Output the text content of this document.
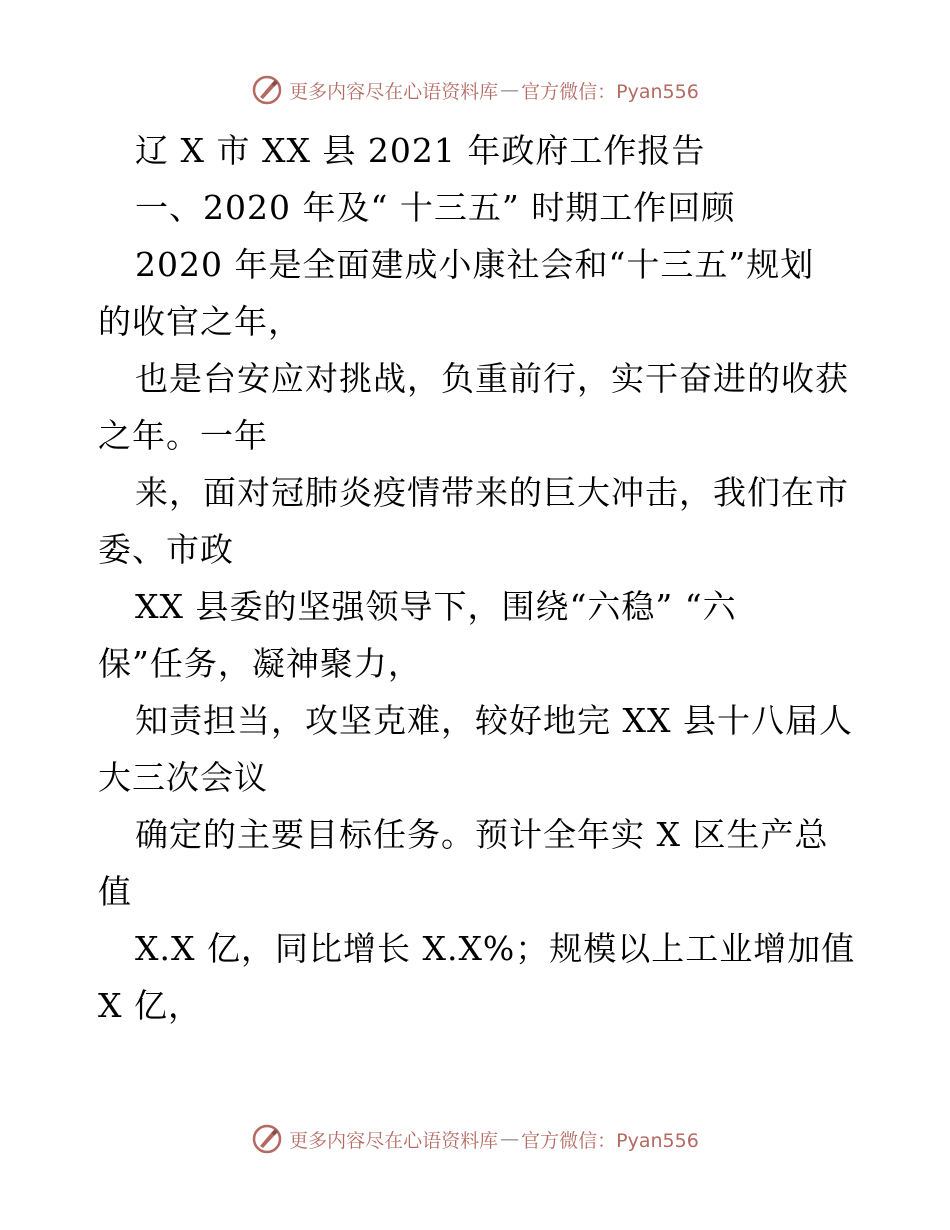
更多内容尽在心语资料库 — 官方微信：Pyan556
辽 X 市 XX 县 2021 年政府工作报告
一、2020 年及“ 十三五” 时期工作回顾
2020 年是全面建成小康社会和“十三五”规划
的收官之年，
也是台安应对挑战，负重前行，实干奋进的收获
之年。一年
来，面对冠肺炎疫情带来的巨大冲击，我们在市
委、市政
XX 县委的坚强领导下，围绕“六稳” “六
保”任务，凝神聚力，
知责担当，攻坚克难，较好地完 XX 县十八届人
大三次会议
确定的主要目标任务。预计全年实 X 区生产总
值
X.X 亿，同比增长 X.X%；规模以上工业增加值
X 亿，
更多内容尽在心语资料库 — 官方微信：Pyan556
